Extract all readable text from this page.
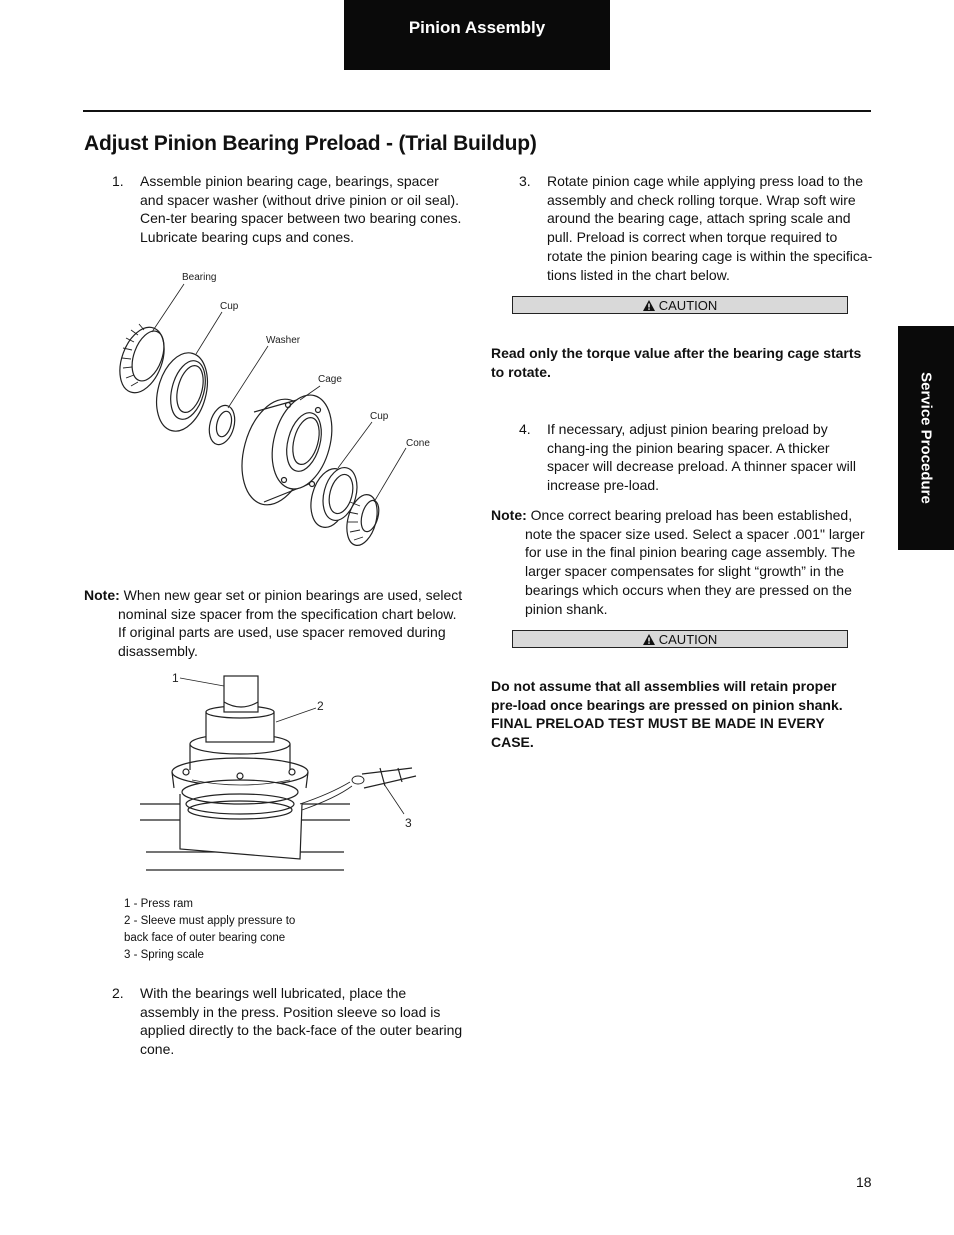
Pinion Assembly
Adjust Pinion Bearing Preload - (Trial Buildup)
Service Procedure
1. Assemble pinion bearing cage, bearings, spacer and spacer washer (without drive pinion or oil seal). Cen-ter bearing spacer between two bearing cones. Lubricate bearing cups and cones.
Bearing
Cup
Washer
Cage
Cup
Cone
Note: When new gear set or pinion bearings are used, select
nominal size spacer from the specification chart below. If original parts are used, use spacer removed during disassembly.
1
2
3
1 - Press ram
2 - Sleeve must apply pressure to
back face of outer bearing cone
3 - Spring scale
2. With the bearings well lubricated, place the assembly in the press. Position sleeve so load is applied directly to the back-face of the outer bearing cone.
3. Rotate pinion cage while applying press load to the assembly and check rolling torque. Wrap soft wire around the bearing cage, attach spring scale and pull. Preload is correct when torque required to rotate the pinion bearing cage is within the specifica-tions listed in the chart below.
CAUTION

Read only the torque value after the bearing cage starts to rotate.

4. If necessary, adjust pinion bearing preload by chang-ing the pinion bearing spacer. A thicker spacer will decrease preload. A thinner spacer will increase pre-load.
Note: Once correct bearing preload has been established,
note the spacer size used. Select a spacer .001" larger for use in the final pinion bearing cage assembly. The larger spacer compensates for slight “growth” in the bearings which occurs when they are pressed on the pinion shank.
CAUTION

Do not assume that all assemblies will retain proper pre-load once bearings are pressed on pinion shank. FINAL PRELOAD TEST MUST BE MADE IN EVERY CASE.

18
